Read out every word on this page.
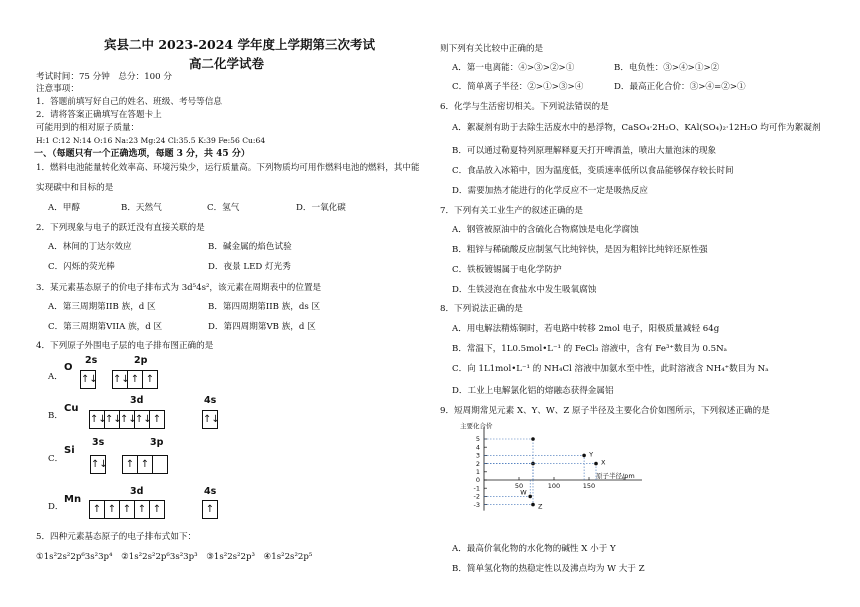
宾县二中 2023-2024 学年度上学期第三次考试
高二化学试卷
考试时间：75 分钟　总分：100 分
注意事项：
1．答题前填写好自己的姓名、班级、考号等信息
2．请将答案正确填写在答题卡上
可能用到的相对原子质量：
H:1 C:12 N:14 O:16 Na:23 Mg:24 Cl:35.5 K:39 Fe:56 Cu:64
一、（每题只有一个正确选项，每题 3 分，共 45 分）
1．燃料电池能量转化效率高、环境污染少，运行质量高。下列物质均可用作燃料电池的燃料，其中能
实现碳中和目标的是
A．甲醇	B．天然气	C．氢气	D．一氧化碳
2．下列现象与电子的跃迁没有直接关联的是
A．林间的丁达尔效应	B．碱金属的焰色试验
C．闪烁的荧光棒	D．夜景 LED 灯光秀
3．某元素基态原子的价电子排布式为 3d⁵4s²，该元素在周期表中的位置是
A．第三周期第IIB 族，d 区	B．第四周期第IIB 族，ds 区
C．第三周期第VIIA 族，d 区	D．第四周期第VB 族，d 区
4．下列原子外围电子层的电子排布图正确的是
A．
O
2s	2p
↑↓ ↑↓ ↑ ↑
B．
Cu
3d	4s
↑↓
↑↓
↑↓
↑↓ ↑	↑↓
C．
Si
3s	3p
↑↓ ↑ ↑
D．
Mn
3d	4s
↑ ↑ ↑ ↑ ↑	↑
5．四种元素基态原子的电子排布式如下：
①1s²2s²2p⁶3s²3p⁴　②1s²2s²2p⁶3s²3p³　③1s²2s²2p³　④1s²2s²2p⁵
则下列有关比较中正确的是
A．第一电离能：④>③>②>①	B．电负性：③>④>①>②
C．简单离子半径：②>①>③>④	D．最高正化合价：③>④=②>①
6．化学与生活密切相关。下列说法错误的是
A．絮凝剂有助于去除生活废水中的悬浮物，CaSO₄·2H₂O、KAl(SO₄)₂·12H₂O 均可作为絮凝剂
B．可以通过勒夏特列原理解释夏天打开啤酒盖，喷出大量泡沫的现象
C．食品放入冰箱中，因为温度低，变质速率低所以食品能够保存较长时间
D．需要加热才能进行的化学反应不一定是吸热反应
7．下列有关工业生产的叙述正确的是
A．钢管被原油中的含硫化合物腐蚀是电化学腐蚀
B．粗锌与稀硫酸反应制氢气比纯锌快，是因为粗锌比纯锌还原性强
C．铁板镀锡属于电化学防护
D．生铁浸泡在食盐水中发生吸氧腐蚀
8．下列说法正确的是
A．用电解法精炼铜时，若电路中转移 2mol 电子，阳极质量减轻 64g
B．常温下，1L0.5mol•L⁻¹ 的 FeCl₃ 溶液中，含有 Fe³⁺数目为 0.5Nₐ
C．向 1L1mol•L⁻¹ 的 NH₄Cl 溶液中加氨水至中性，此时溶液含 NH₄⁺数目为 Nₐ
D．工业上电解氯化铝的熔融态获得金属铝
9．短周期常见元素 X、Y、W、Z 原子半径及主要化合价如图所示，下列叙述正确的是
主要化合价
原子半径/pm
5
4
3
2
1
0
-1
-2
-3
50	100	150
Y
X
W
Z
A．最高价氧化物的水化物的碱性 X 小于 Y
B．简单氢化物的热稳定性以及沸点均为 W 大于 Z
